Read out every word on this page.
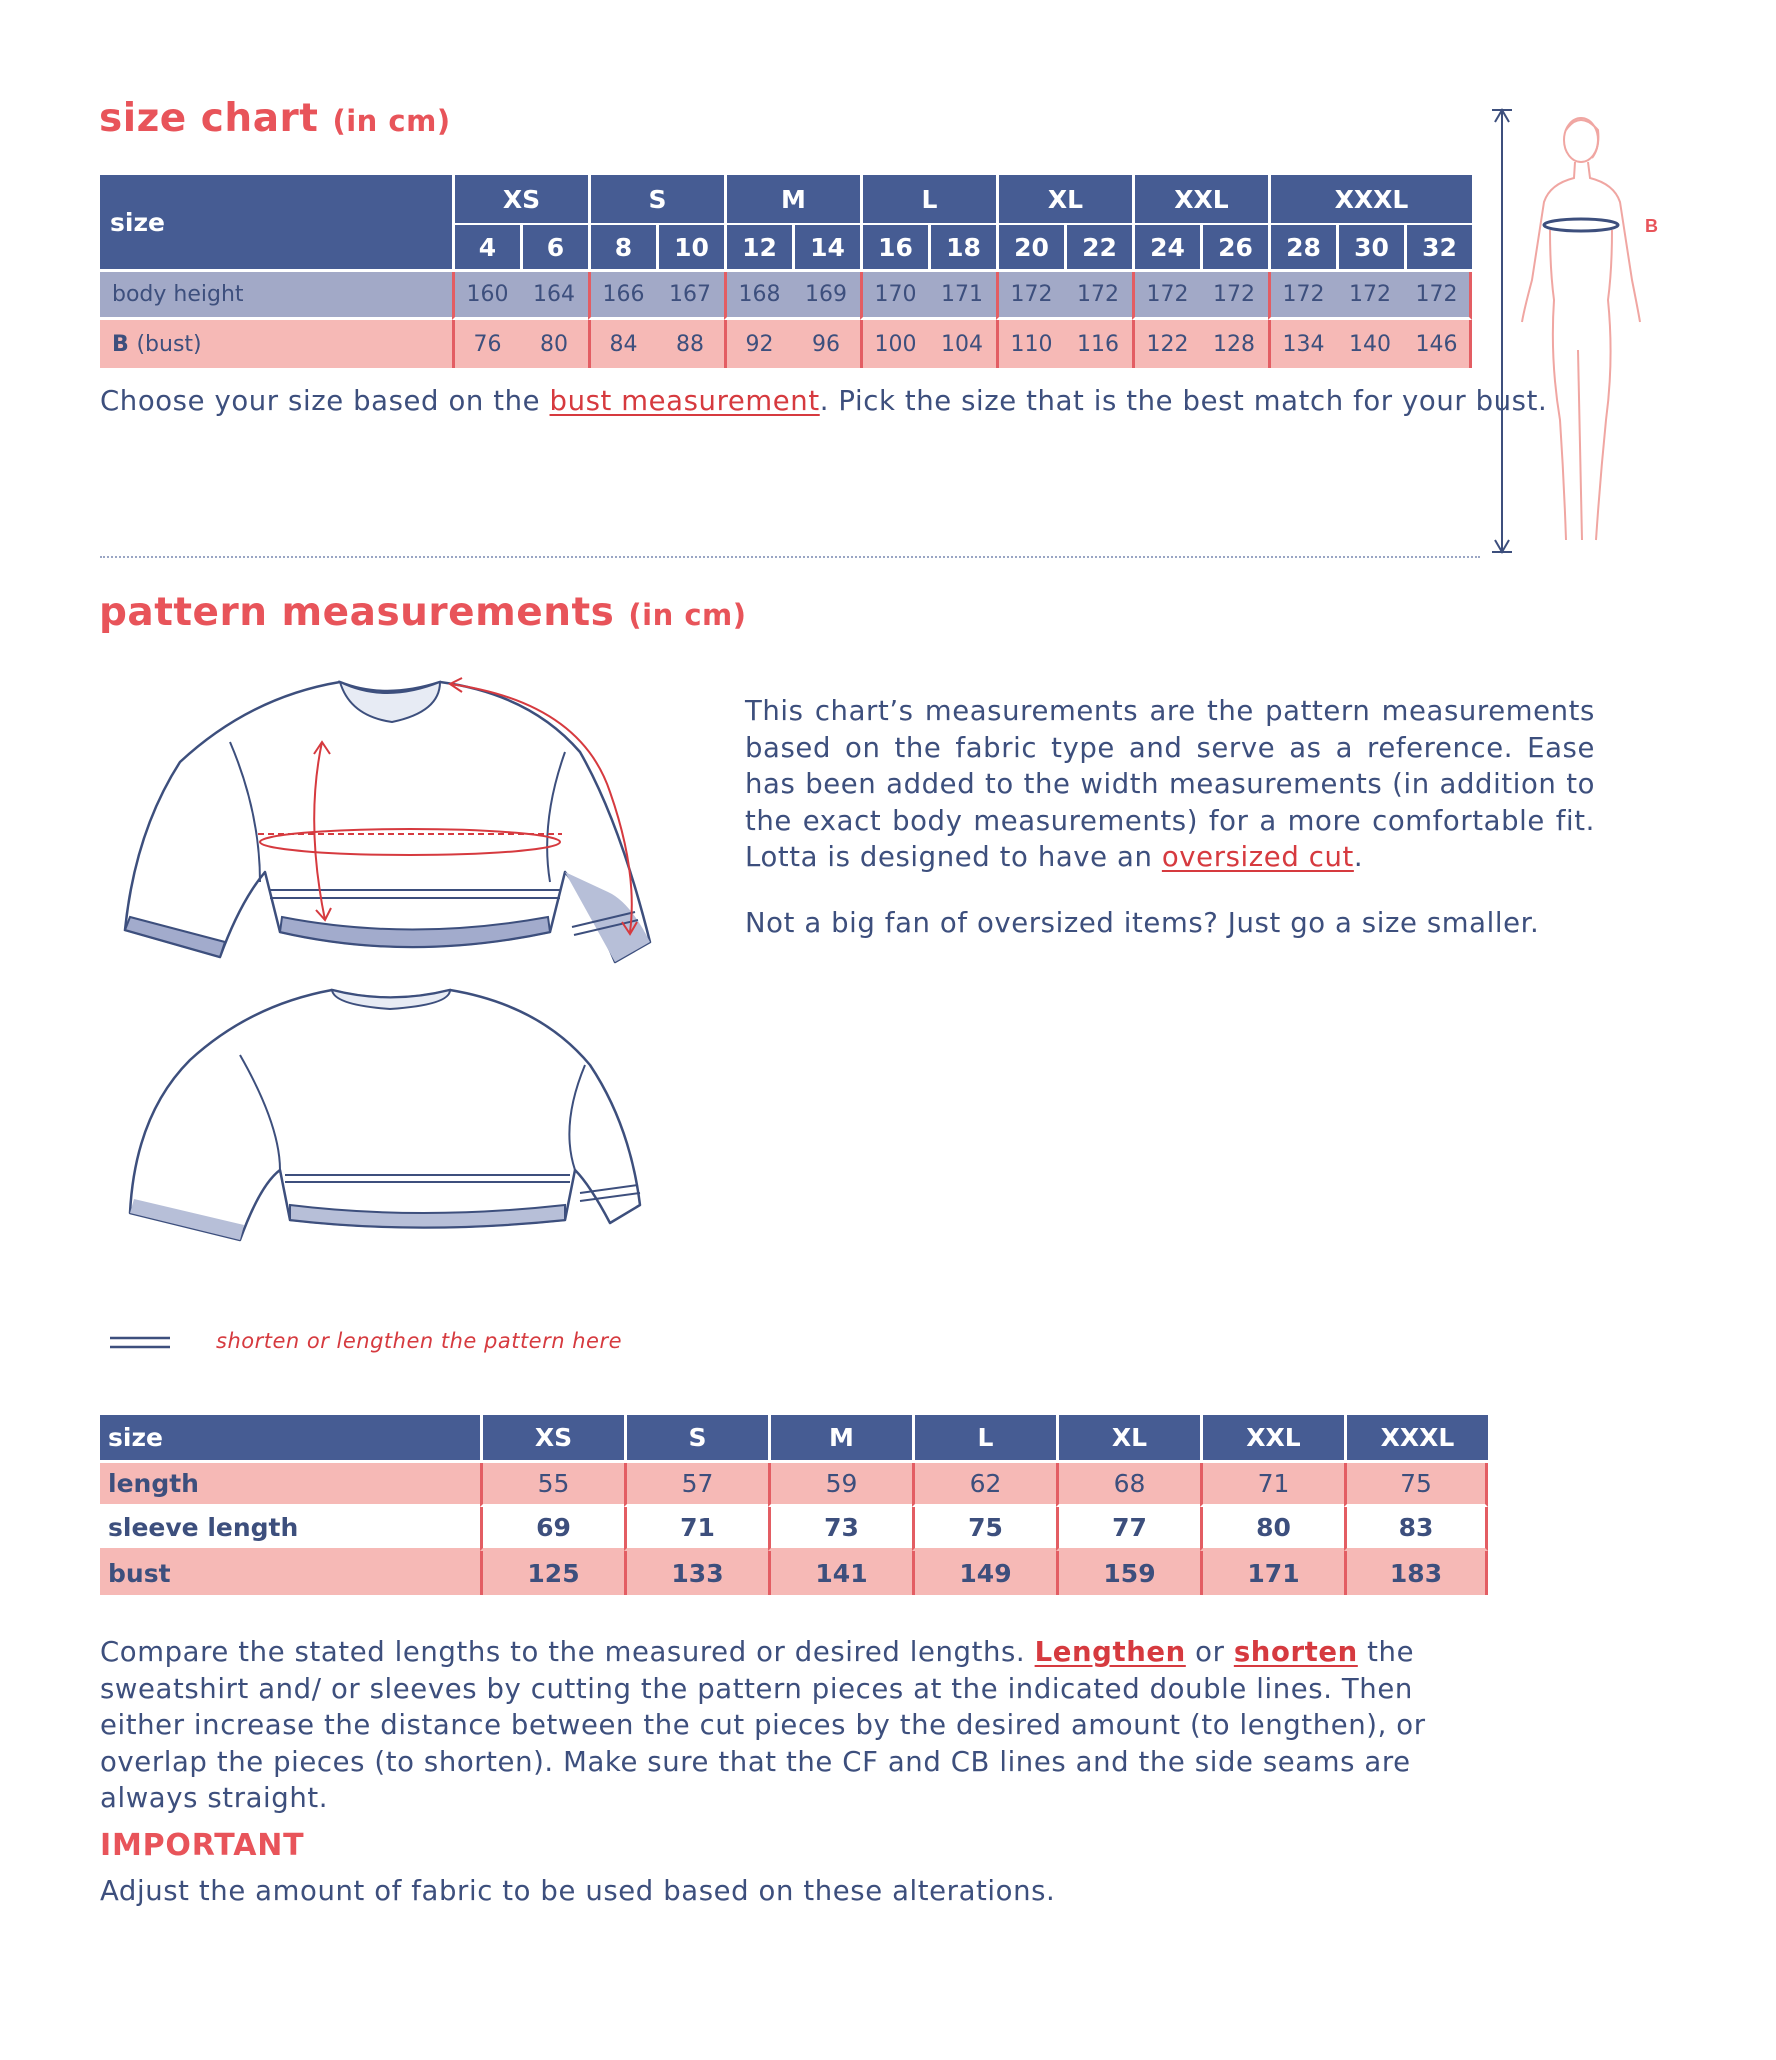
size chart (in cm)
size	XS		S		M		L		XL		XXL		XXXL		
	4	6	8	10	12	14	16	18	20	22	24	26	28	30	32
body height	160	164	166	167	168	169	170	171	172	172	172	172	172	172	172
B (bust)	76	80	84	88	92	96	100	104	110	116	122	128	134	140	146
Choose your size based on the bust measurement. Pick the size that is the best match for your bust.
B
pattern measurements (in cm)
This chart’s measurements are the pattern measurements based on the fabric type and serve as a reference. Ease has been added to the width measurements (in addition to the exact body measurements) for a more comfortable fit. Lotta is designed to have an oversized cut.
Not a big fan of oversized items? Just go a size smaller.
shorten or lengthen the pattern here
size	XS	S	M	L	XL	XXL	XXXL
length	55	57	59	62	68	71	75
sleeve length	69	71	73	75	77	80	83
bust	125	133	141	149	159	171	183
Compare the stated lengths to the measured or desired lengths. Lengthen or shorten the sweatshirt and/ or sleeves by cutting the pattern pieces at the indicated double lines. Then either increase the distance between the cut pieces by the desired amount (to lengthen), or overlap the pieces (to shorten). Make sure that the CF and CB lines and the side seams are always straight.
IMPORTANT
Adjust the amount of fabric to be used based on these alterations.
